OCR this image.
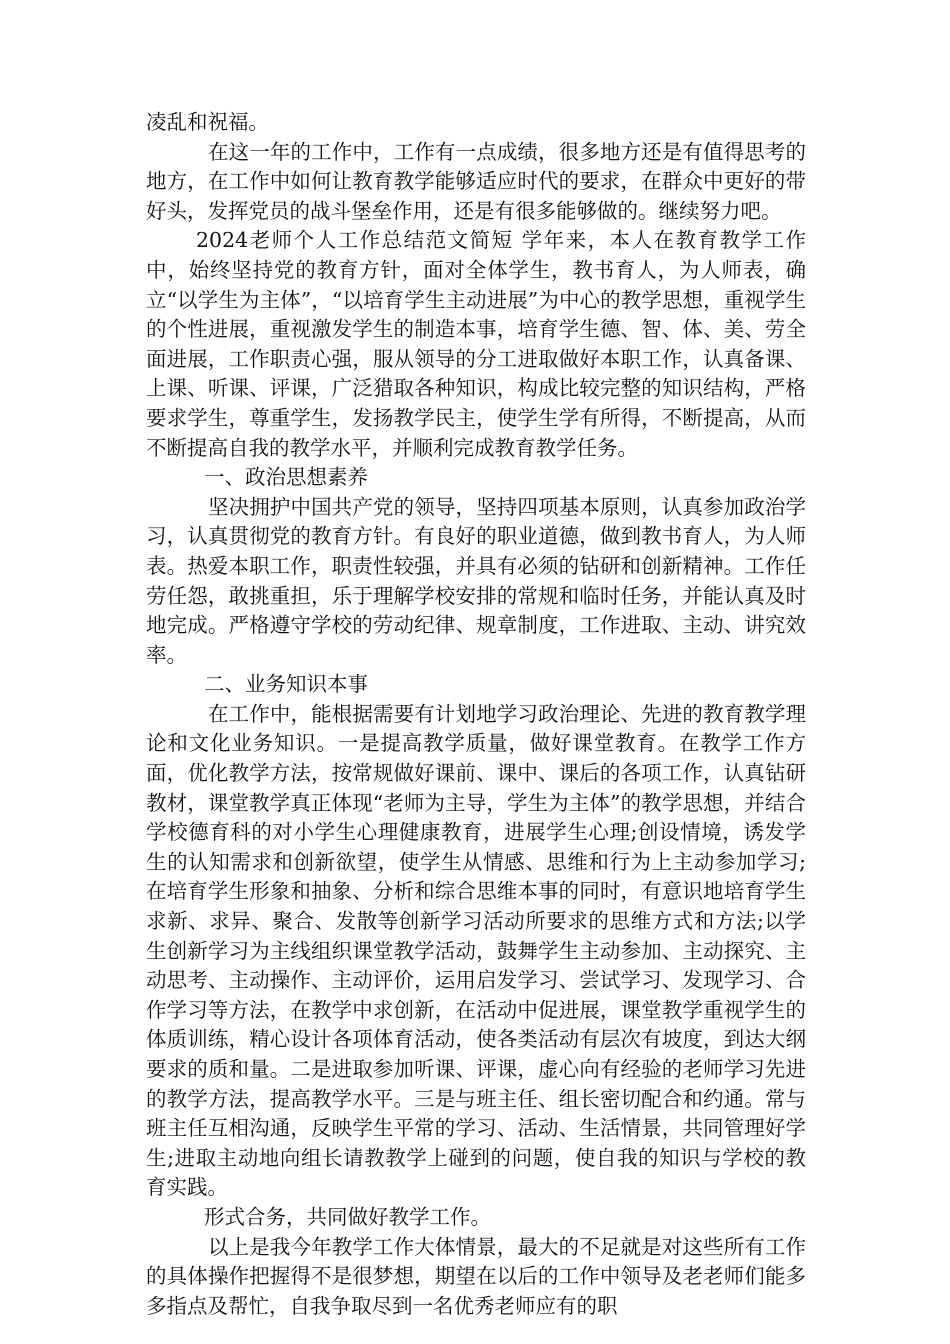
凌乱和祝福。

在这一年的工作中，工作有一点成绩，很多地方还是有值得思考的地方，在工作中如何让教育教学能够适应时代的要求，在群众中更好的带好头，发挥党员的战斗堡垒作用，还是有很多能够做的。继续努力吧。

2024老师个人工作总结范文简短 学年来，本人在教育教学工作中，始终坚持党的教育方针，面对全体学生，教书育人，为人师表，确立“以学生为主体”，“以培育学生主动进展”为中心的教学思想，重视学生的个性进展，重视激发学生的制造本事，培育学生德、智、体、美、劳全面进展，工作职责心强，服从领导的分工进取做好本职工作，认真备课、上课、听课、评课，广泛猎取各种知识，构成比较完整的知识结构，严格要求学生，尊重学生，发扬教学民主，使学生学有所得，不断提高，从而不断提高自我的教学水平，并顺利完成教育教学任务。

一、政治思想素养

坚决拥护中国共产党的领导，坚持四项基本原则，认真参加政治学习，认真贯彻党的教育方针。有良好的职业道德，做到教书育人，为人师表。热爱本职工作，职责性较强，并具有必须的钻研和创新精神。工作任劳任怨，敢挑重担，乐于理解学校安排的常规和临时任务，并能认真及时地完成。严格遵守学校的劳动纪律、规章制度，工作进取、主动、讲究效率。

二、业务知识本事

在工作中，能根据需要有计划地学习政治理论、先进的教育教学理论和文化业务知识。一是提高教学质量，做好课堂教育。在教学工作方面，优化教学方法，按常规做好课前、课中、课后的各项工作，认真钻研教材，课堂教学真正体现“老师为主导，学生为主体”的教学思想，并结合学校德育科的对小学生心理健康教育，进展学生心理;创设情境，诱发学生的认知需求和创新欲望，使学生从情感、思维和行为上主动参加学习;在培育学生形象和抽象、分析和综合思维本事的同时，有意识地培育学生求新、求异、聚合、发散等创新学习活动所要求的思维方式和方法;以学生创新学习为主线组织课堂教学活动，鼓舞学生主动参加、主动探究、主动思考、主动操作、主动评价，运用启发学习、尝试学习、发现学习、合作学习等方法，在教学中求创新，在活动中促进展，课堂教学重视学生的体质训练，精心设计各项体育活动，使各类活动有层次有坡度，到达大纲要求的质和量。二是进取参加听课、评课，虚心向有经验的老师学习先进的教学方法，提高教学水平。三是与班主任、组长密切配合和约通。常与班主任互相沟通，反映学生平常的学习、活动、生活情景，共同管理好学生;进取主动地向组长请教教学上碰到的问题，使自我的知识与学校的教育实践。

形式合务，共同做好教学工作。

以上是我今年教学工作大体情景，最大的不足就是对这些所有工作的具体操作把握得不是很梦想，期望在以后的工作中领导及老老师们能多多指点及帮忙，自我争取尽到一名优秀老师应有的职
